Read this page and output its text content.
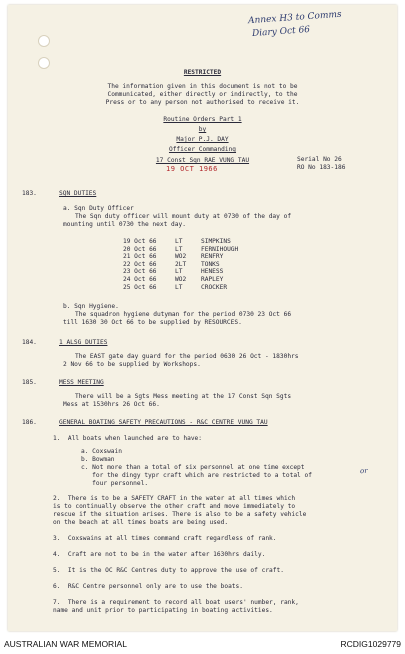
Annex H3 to Comms
Diary Oct 66
RESTRICTED
The information given in this document is not to be
Communicated, either directly or indirectly, to the
Press or to any person not authorised to receive it.
Routine Orders Part 1
by
Major P.J. DAY
Officer Commanding
17 Const Sqn RAE VUNG TAU	Serial No 26
RO No 183-186
19 OCT 1966
183.	SQN DUTIES
a. Sqn Duty Officer
The Sqn duty officer will mount duty at 0730 of the day of
mounting until 0730 the next day.
19 Oct 66	LT	SIMPKINS
20 Oct 66	LT	FERNIHOUGH
21 Oct 66	WO2 RENFRY
22 Oct 66	2LT TONKS
23 Oct 66	LT	HENESS
24 Oct 66	WO2 RAPLEY
25 Oct 66	LT	CROCKER
b. Sqn Hygiene.
The squadron hygiene dutyman for the period 0730 23 Oct 66
till 1630 30 Oct 66 to be supplied by RESOURCES.
184.	1 ALSG DUTIES
The EAST gate day guard for the period 0630 26 Oct - 1830hrs
2 Nov 66 to be supplied by Workshops.
185.	MESS MEETING
There will be a Sgts Mess meeting at the 17 Const Sqn Sgts
Mess at 1530hrs 26 Oct 66.
186.	GENERAL BOATING SAFETY PRECAUTIONS - R&C CENTRE VUNG TAU
1.  All boats when launched are to have:
a. Coxswain
b. Bowman
c. Not more than a total of six personnel at one time except
for the dingy typr craft which are restricted to a total of
or
four personnel.
2.  There is to be a SAFETY CRAFT in the water at all times which
is to continually observe the other craft and move immediately to
rescue if the situation arises. There is also to be a safety vehicle
on the beach at all times boats are being used.
3.  Coxswains at all times command craft regardless of rank.
4.  Craft are not to be in the water after 1630hrs daily.
5.  It is the OC R&C Centres duty to approve the use of craft.
6.  R&C Centre personnel only are to use the boats.
7.  There is a requirement to record all boat users' number, rank,
name and unit prior to participating in boating activities.
AUSTRALIAN WAR MEMORIAL	RCDIG1029779
